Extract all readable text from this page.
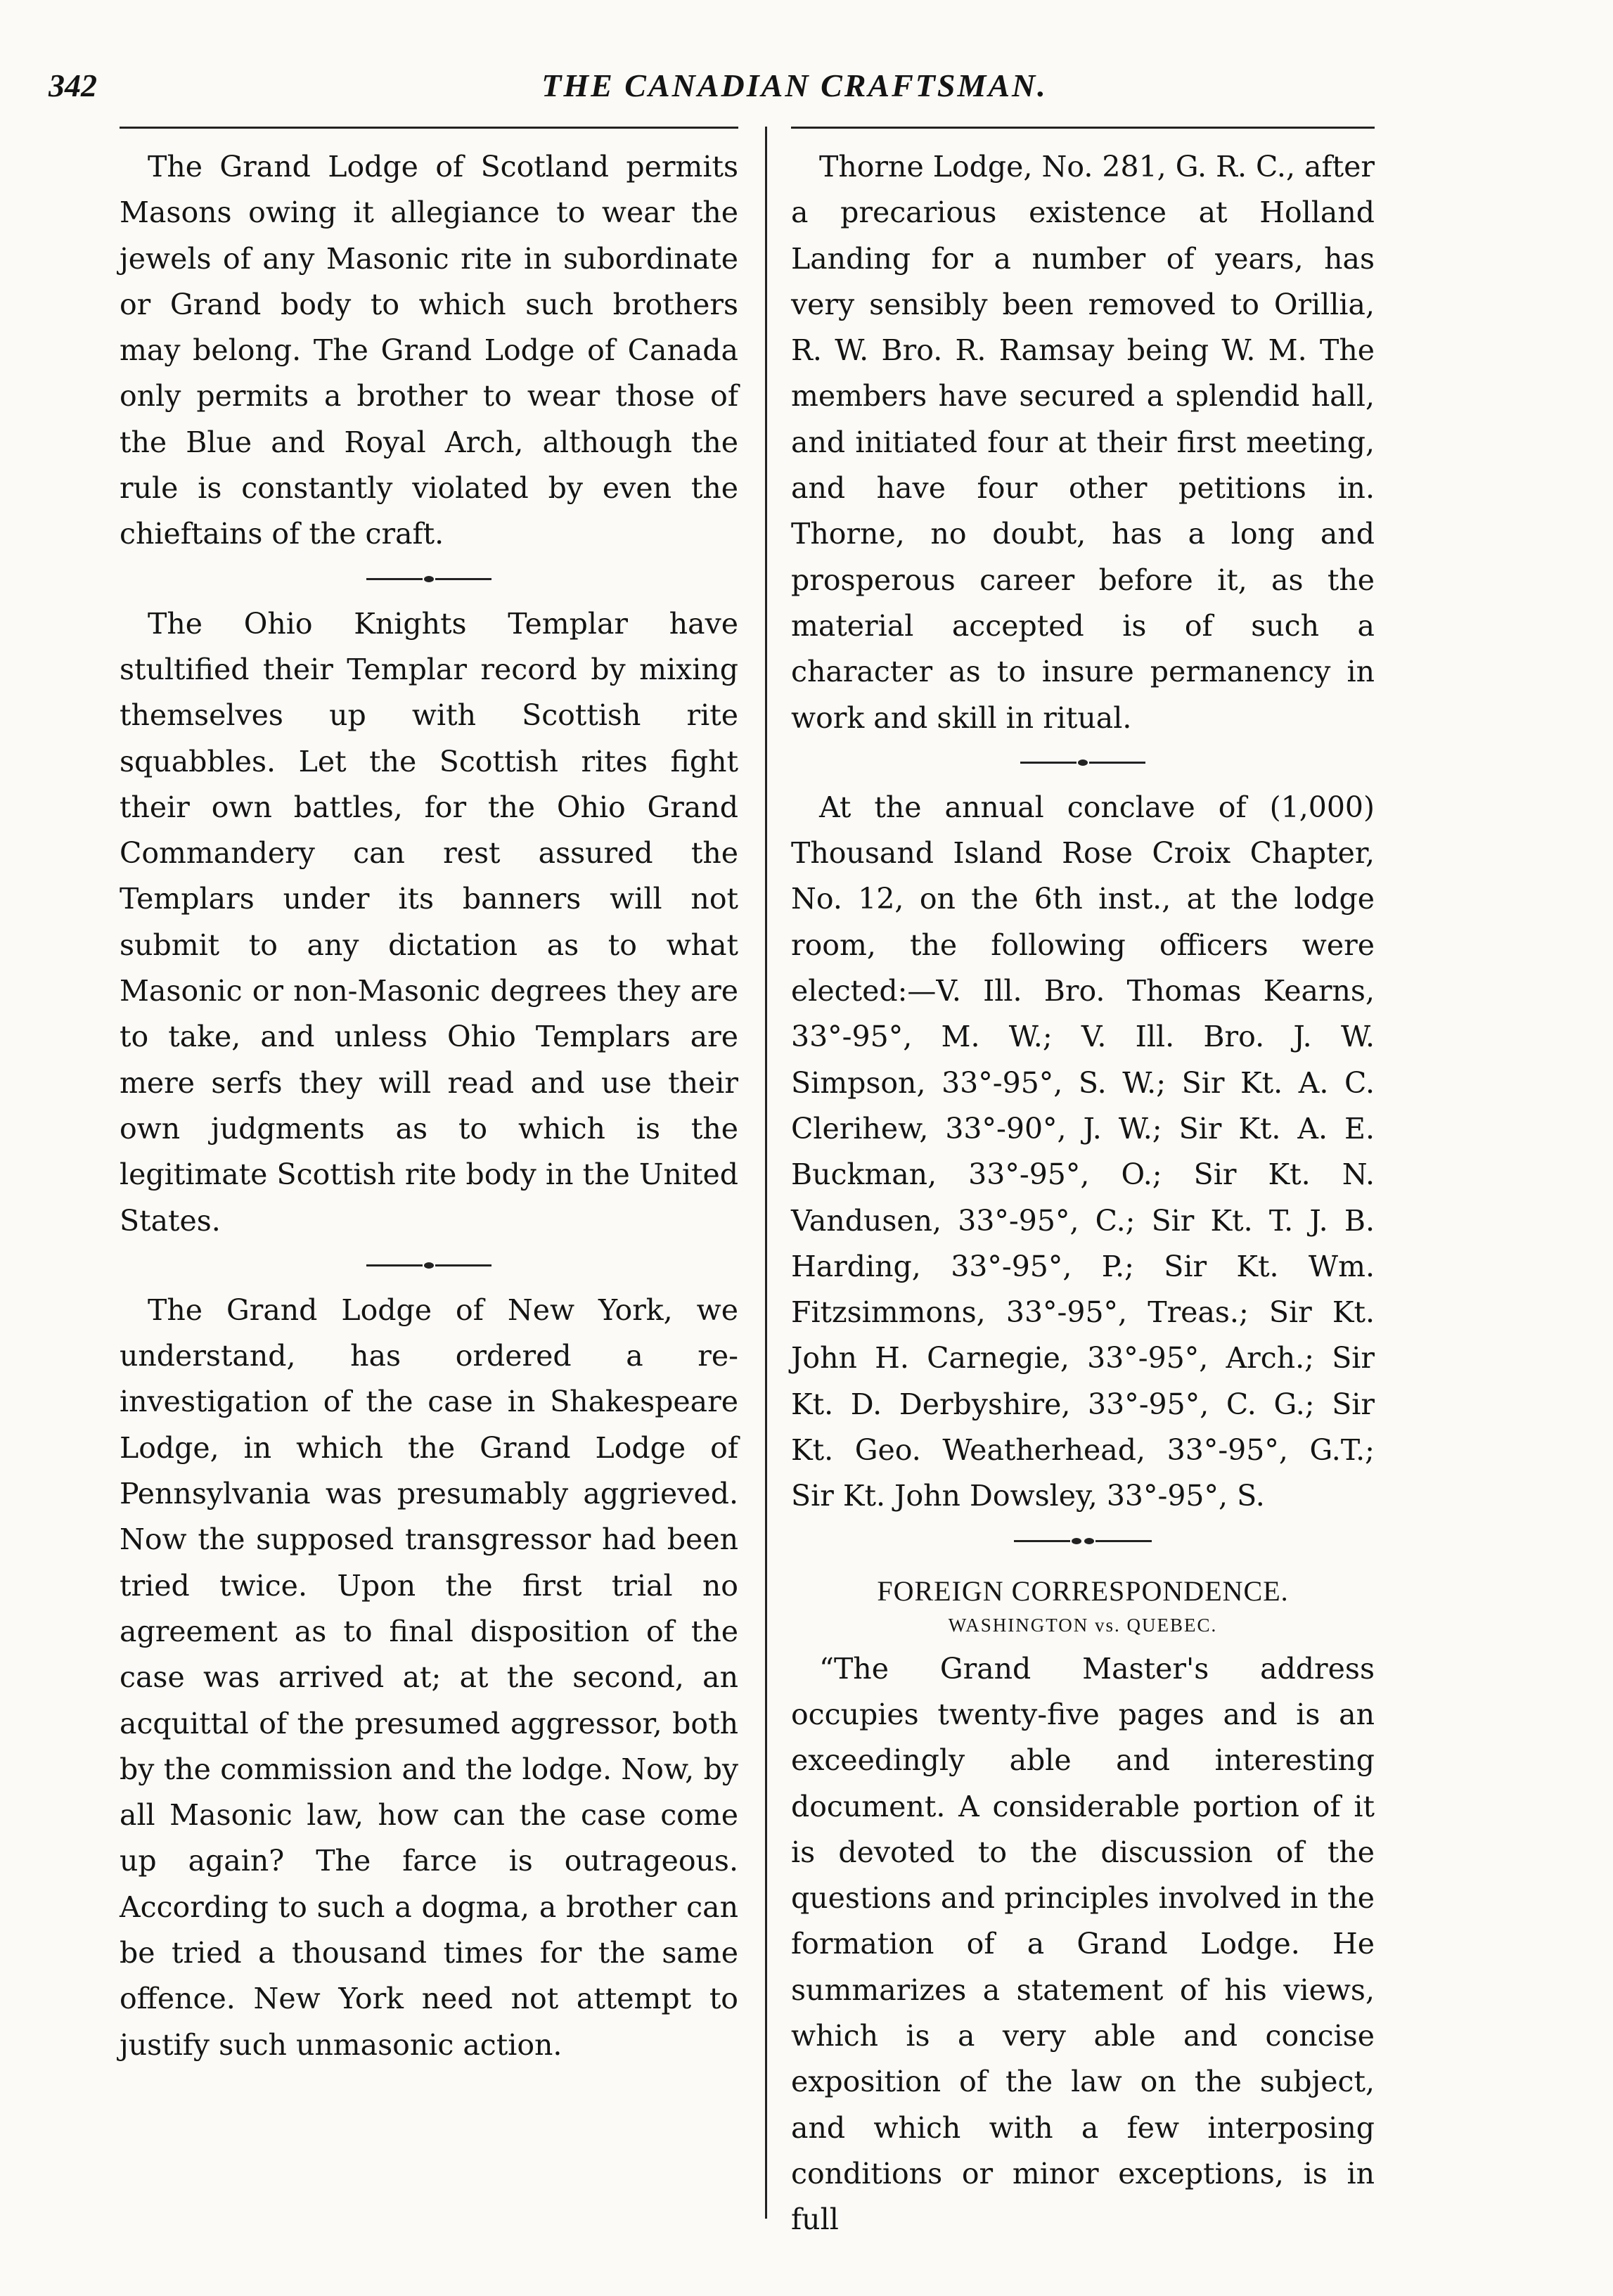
342	THE CANADIAN CRAFTSMAN.

The Grand Lodge of Scotland permits Masons owing it allegiance to wear the jewels of any Masonic rite in subordinate or Grand body to which such brothers may belong. The Grand Lodge of Canada only permits a brother to wear those of the Blue and Royal Arch, although the rule is constantly violated by even the chieftains of the craft.

The Ohio Knights Templar have stultified their Templar record by mixing themselves up with Scottish rite squabbles. Let the Scottish rites fight their own battles, for the Ohio Grand Commandery can rest assured the Templars under its banners will not submit to any dictation as to what Masonic or non-Masonic degrees they are to take, and unless Ohio Templars are mere serfs they will read and use their own judgments as to which is the legitimate Scottish rite body in the United States.

The Grand Lodge of New York, we understand, has ordered a re-investigation of the case in Shakespeare Lodge, in which the Grand Lodge of Pennsylvania was presumably aggrieved. Now the supposed transgressor had been tried twice. Upon the first trial no agreement as to final disposition of the case was arrived at; at the second, an acquittal of the presumed aggressor, both by the commission and the lodge. Now, by all Masonic law, how can the case come up again? The farce is outrageous. According to such a dogma, a brother can be tried a thousand times for the same offence. New York need not attempt to justify such unmasonic action.

Thorne Lodge, No. 281, G. R. C., after a precarious existence at Holland Landing for a number of years, has very sensibly been removed to Orillia, R. W. Bro. R. Ramsay being W. M. The members have secured a splendid hall, and initiated four at their first meeting, and have four other petitions in. Thorne, no doubt, has a long and prosperous career before it, as the material accepted is of such a character as to insure permanency in work and skill in ritual.

At the annual conclave of (1,000) Thousand Island Rose Croix Chapter, No. 12, on the 6th inst., at the lodge room, the following officers were elected:—V. Ill. Bro. Thomas Kearns, 33°-95°, M. W.; V. Ill. Bro. J. W. Simpson, 33°-95°, S. W.; Sir Kt. A. C. Clerihew, 33°-90°, J. W.; Sir Kt. A. E. Buckman, 33°-95°, O.; Sir Kt. N. Vandusen, 33°-95°, C.; Sir Kt. T. J. B. Harding, 33°-95°, P.; Sir Kt. Wm. Fitzsimmons, 33°-95°, Treas.; Sir Kt. John H. Carnegie, 33°-95°, Arch.; Sir Kt. D. Derbyshire, 33°-95°, C. G.; Sir Kt. Geo. Weatherhead, 33°-95°, G.T.; Sir Kt. John Dowsley, 33°-95°, S.

FOREIGN CORRESPONDENCE.
WASHINGTON vs. QUEBEC.

“The Grand Master's address occupies twenty-five pages and is an exceedingly able and interesting document. A considerable portion of it is devoted to the discussion of the questions and principles involved in the formation of a Grand Lodge. He summarizes a statement of his views, which is a very able and concise exposition of the law on the subject, and which with a few interposing conditions or minor exceptions, is in full
